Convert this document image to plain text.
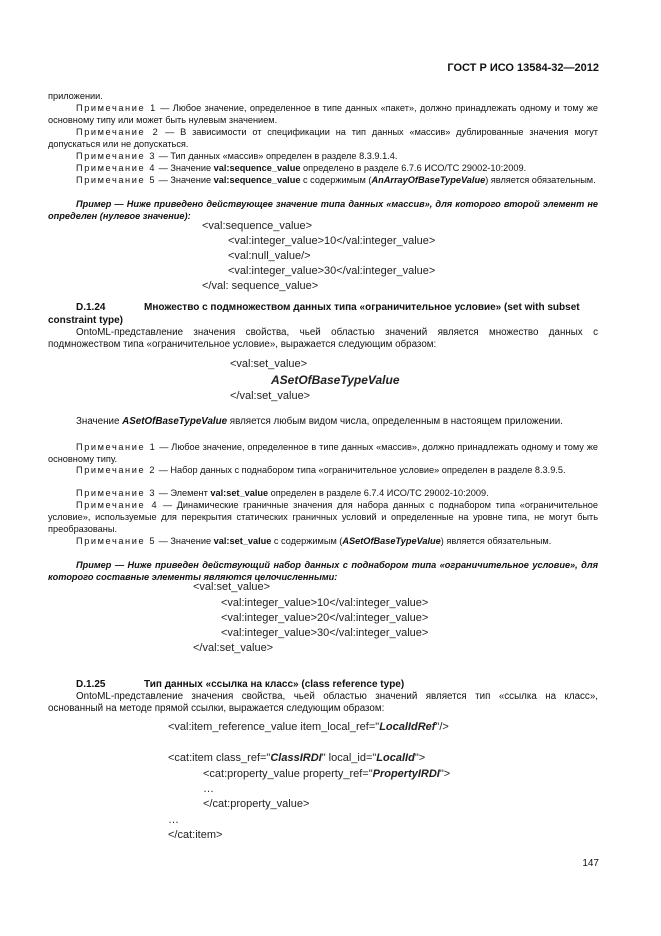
ГОСТ Р ИСО 13584-32—2012

приложении.

Примечание 1 — Любое значение, определенное в типе данных «пакет», должно принадлежать одному и тому же основному типу или может быть нулевым значением.

Примечание 2 — В зависимости от спецификации на тип данных «массив» дублированные значения могут допускаться или не допускаться.

Примечание 3 — Тип данных «массив» определен в разделе 8.3.9.1.4.

Примечание 4 — Значение val:sequence_value определено в разделе 6.7.6 ИСО/ТС 29002-10:2009.

Примечание 5 — Значение val:sequence_value с содержимым (AnArrayOfBaseTypeValue) является обязательным.

Пример — Ниже приведено действующее значение типа данных «массив», для которого второй элемент не определен (нулевое значение):

<val:sequence_value>
<val:integer_value>10</val:integer_value>
<val:null_value/>
<val:integer_value>30</val:integer_value>
</val: sequence_value>
D.1.24	Множество с подмножеством данных типа «ограничительное условие» (set with subset constraint type)

OntoML-представление значения свойства, чьей областью значений является множество данных с подмножеством типа «ограничительное условие», выражается следующим образом:

<val:set_value>
ASetOfBaseTypeValue
</val:set_value>

Значение ASetOfBaseTypeValue является любым видом числа, определенным в настоящем приложении.

Примечание 1 — Любое значение, определенное в типе данных «массив», должно принадлежать одному и тому же основному типу.

Примечание 2 — Набор данных с поднабором типа «ограничительное условие» определен в разделе 8.3.9.5.

Примечание 3 — Элемент val:set_value определен в разделе 6.7.4 ИСО/ТС 29002-10:2009.

Примечание 4 — Динамические граничные значения для набора данных с поднабором типа «ограничительное условие», используемые для перекрытия статических граничных условий и определенные на уровне типа, не могут быть преобразованы.

Примечание 5 — Значение val:set_value с содержимым (ASetOfBaseTypeValue) является обязательным.

Пример — Ниже приведен действующий набор данных с поднабором типа «ограничительное условие», для которого составные элементы являются целочисленными:

<val:set_value>
<val:integer_value>10</val:integer_value>
<val:integer_value>20</val:integer_value>
<val:integer_value>30</val:integer_value>
</val:set_value>
D.1.25	Тип данных «ссылка на класс» (class reference type)

OntoML-представление значения свойства, чьей областью значений является тип «ссылка на класс», основанный на методе прямой ссылки, выражается следующим образом:

<val:item_reference_value item_local_ref="LocalIdRef"/>
<cat:item class_ref="ClassIRDI" local_id="LocalId">
<cat:property_value property_ref="PropertyIRDI">
…
</cat:property_value>
…
</cat:item>
147
